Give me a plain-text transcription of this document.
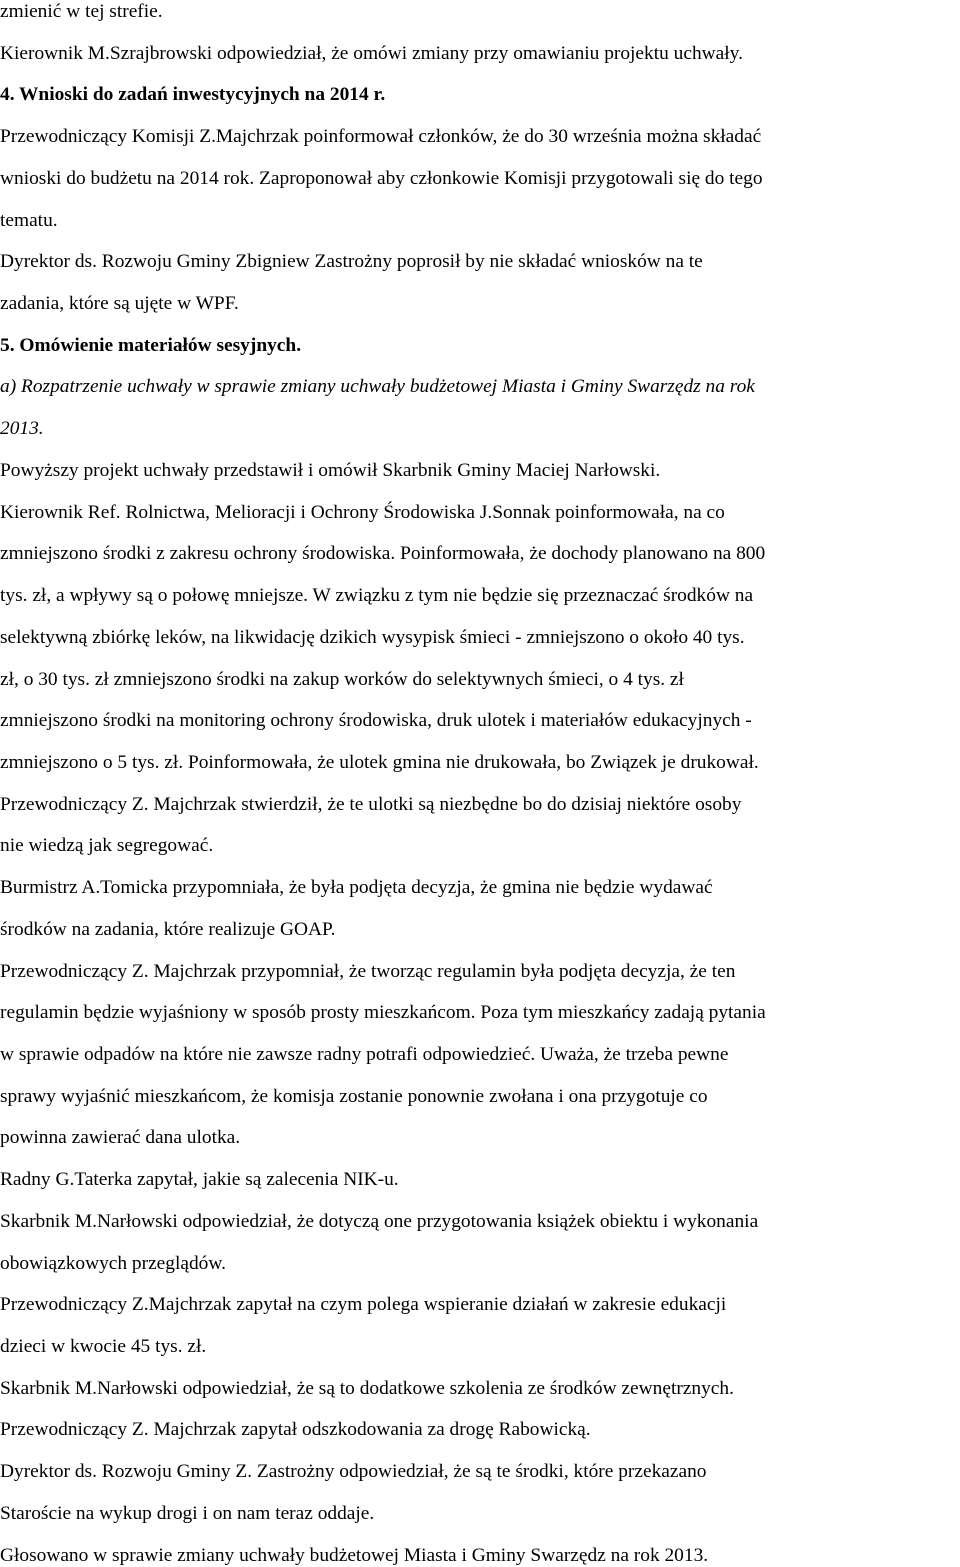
zmienić w tej strefie.

Kierownik M.Szrajbrowski odpowiedział, że omówi zmiany przy omawianiu projektu uchwały.

4. Wnioski do zadań inwestycyjnych na 2014 r.

Przewodniczący Komisji Z.Majchrzak poinformował członków, że do 30 września można składać

wnioski do budżetu na 2014 rok. Zaproponował aby członkowie Komisji przygotowali się do tego

tematu.

Dyrektor ds. Rozwoju Gminy Zbigniew Zastrożny poprosił by nie składać wniosków na te

zadania, które są ujęte w WPF.

5. Omówienie materiałów sesyjnych.

a) Rozpatrzenie uchwały w sprawie zmiany uchwały budżetowej Miasta i Gminy Swarzędz na rok

2013.

Powyższy projekt uchwały przedstawił i omówił Skarbnik Gminy Maciej Narłowski.

Kierownik Ref. Rolnictwa, Melioracji i Ochrony Środowiska J.Sonnak poinformowała, na co

zmniejszono środki z zakresu ochrony środowiska. Poinformowała, że dochody planowano na 800

tys. zł, a wpływy są o połowę mniejsze. W związku z tym nie będzie się przeznaczać środków na

selektywną zbiórkę leków, na likwidację dzikich wysypisk śmieci - zmniejszono o około 40 tys.

zł, o 30 tys. zł zmniejszono środki na zakup worków do selektywnych śmieci, o 4 tys. zł

zmniejszono środki na monitoring ochrony środowiska, druk ulotek i materiałów edukacyjnych -

zmniejszono o 5 tys. zł. Poinformowała, że ulotek gmina nie drukowała, bo Związek je drukował.

Przewodniczący Z. Majchrzak stwierdził, że te ulotki są niezbędne bo do dzisiaj niektóre osoby

nie wiedzą jak segregować.

Burmistrz A.Tomicka przypomniała, że była podjęta decyzja, że gmina nie będzie wydawać

środków na zadania, które realizuje GOAP.

Przewodniczący Z. Majchrzak przypomniał, że tworząc regulamin była podjęta decyzja, że ten

regulamin będzie wyjaśniony w sposób prosty mieszkańcom. Poza tym mieszkańcy zadają pytania

w sprawie odpadów na które nie zawsze radny potrafi odpowiedzieć. Uważa, że trzeba pewne

sprawy wyjaśnić mieszkańcom, że komisja zostanie ponownie zwołana i ona przygotuje co

powinna zawierać dana ulotka.

Radny G.Taterka zapytał, jakie są zalecenia NIK-u.

Skarbnik M.Narłowski odpowiedział, że dotyczą one przygotowania książek obiektu i wykonania

obowiązkowych przeglądów.

Przewodniczący Z.Majchrzak zapytał na czym polega wspieranie działań w zakresie edukacji

dzieci w kwocie 45 tys. zł.

Skarbnik M.Narłowski odpowiedział, że są to dodatkowe szkolenia ze środków zewnętrznych.

Przewodniczący Z. Majchrzak zapytał odszkodowania za drogę Rabowicką.

Dyrektor ds. Rozwoju Gminy Z. Zastrożny odpowiedział, że są te środki, które przekazano

Staroście na wykup drogi i on nam teraz oddaje.

Głosowano w sprawie zmiany uchwały budżetowej Miasta i Gminy Swarzędz na rok 2013.
